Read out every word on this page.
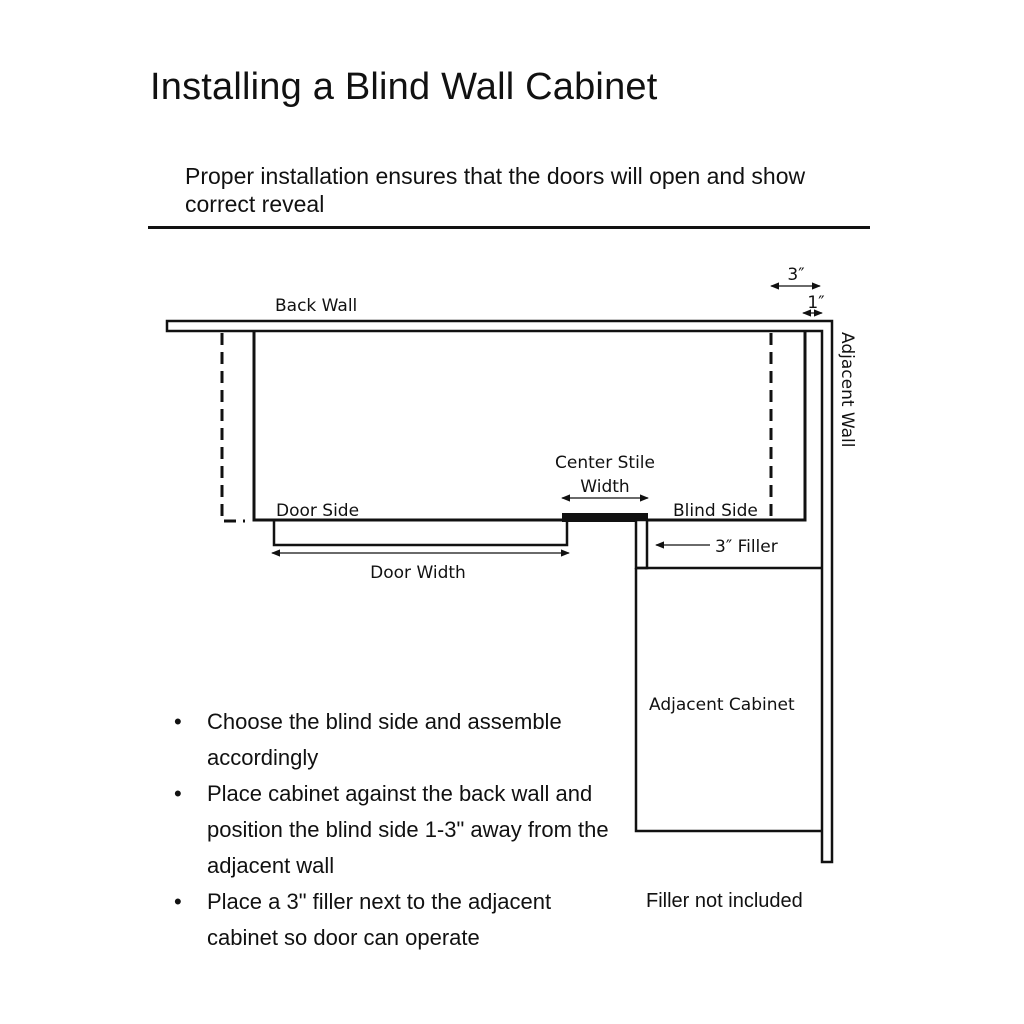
Installing a Blind Wall Cabinet

Proper installation ensures that the doors will open and show correct reveal

Back Wall
Adjacent Wall
Door Side	Blind Side
Center Stile
Width
Door Width
3″ Filler
Adjacent Cabinet
3″
1″
• Choose the blind side and assemble accordingly
• Place cabinet against the back wall and position the blind side 1-3" away from the adjacent wall
• Place a 3" filler next to the adjacent cabinet so door can operate
Filler not included
